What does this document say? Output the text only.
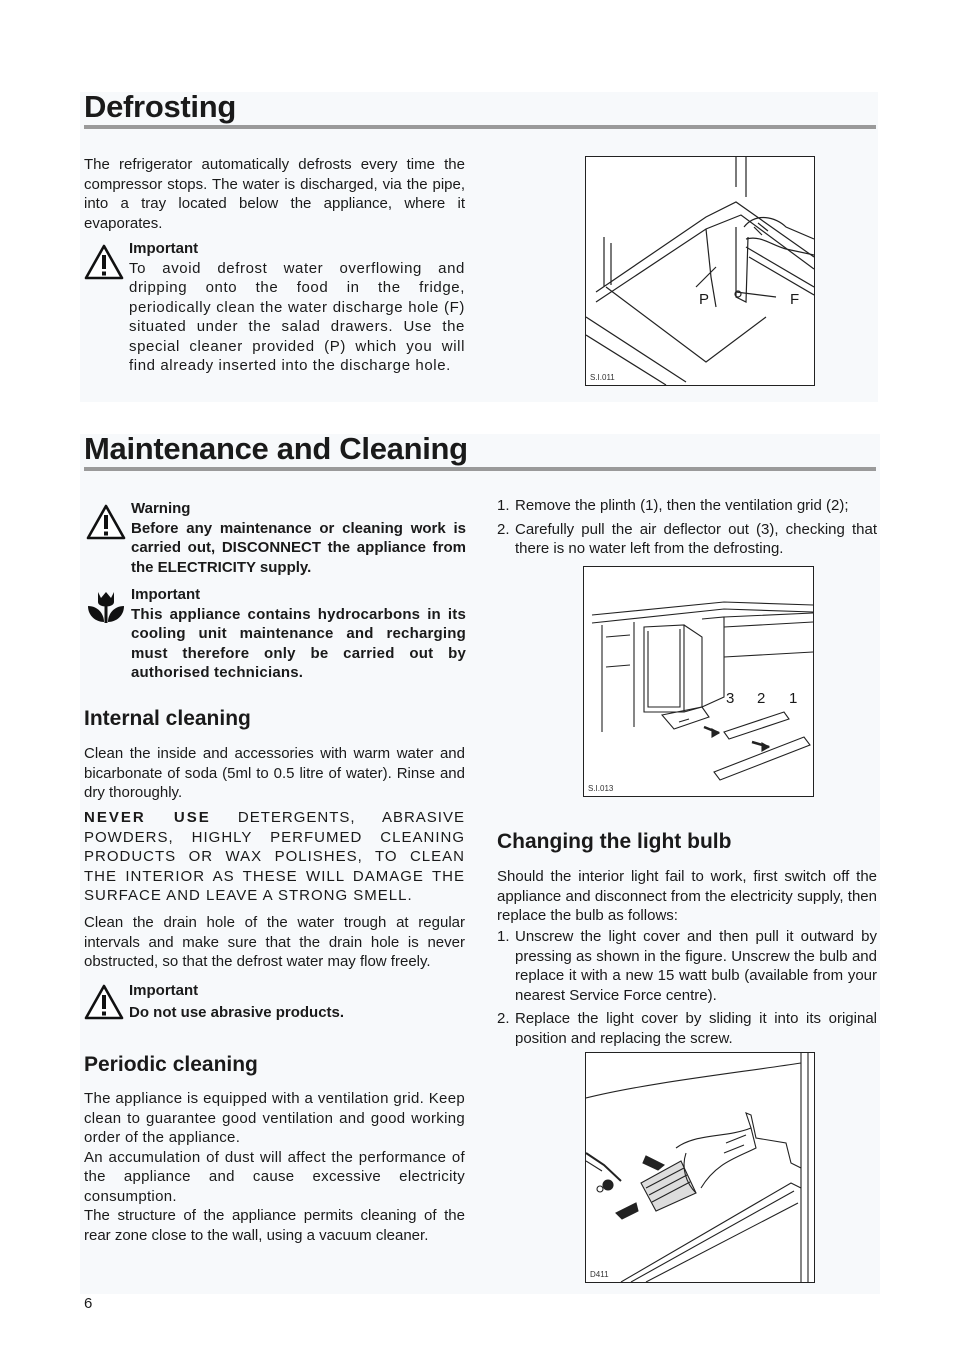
Defrosting

The refrigerator automatically defrosts every time the compressor stops. The water is discharged, via the pipe, into a tray located below the appliance, where it evaporates.

Important
To avoid defrost water overflowing and dripping onto the food in the fridge, periodically clean the water discharge hole (F) situated under the salad drawers. Use the special cleaner provided (P) which you will find already inserted into the discharge hole.
P	F
S.I.011
Maintenance and Cleaning
Warning
Before any maintenance or cleaning work is carried out, DISCONNECT the appliance from the ELECTRICITY supply.
Important
This appliance contains hydrocarbons in its cooling unit maintenance and recharging must therefore only be carried out by authorised technicians.
Internal cleaning

Clean the inside and accessories with warm water and bicarbonate of soda (5ml to 0.5 litre of water). Rinse and dry thoroughly.

NEVER USE DETERGENTS, ABRASIVE POWDERS, HIGHLY PERFUMED CLEANING PRODUCTS OR WAX POLISHES, TO CLEAN THE INTERIOR AS THESE WILL DAMAGE THE SURFACE AND LEAVE A STRONG SMELL.

Clean the drain hole of the water trough at regular intervals and make sure that the drain hole is never obstructed, so that the defrost water may flow freely.

Important
Do not use abrasive products.
Periodic cleaning

The appliance is equipped with a ventilation grid. Keep clean to guarantee good ventilation and good working order of the appliance.

An accumulation of dust will affect the performance of the appliance and cause excessive electricity consumption.

The structure of the appliance permits cleaning of the rear zone close to the wall, using a vacuum cleaner.

1. Remove the plinth (1), then the ventilation grid (2);
2. Carefully pull the air deflector out (3), checking that there is no water left from the defrosting.
3 2 1
S.I.013
Changing the light bulb

Should the interior light fail to work, first switch off the appliance and disconnect from the electricity supply, then replace the bulb as follows:

1. Unscrew the light cover and then pull it outward by pressing as shown in the figure. Unscrew the bulb and replace it with a new 15 watt bulb (available from your nearest Service Force centre).
2. Replace the light cover by sliding it into its original position and replacing the screw.
D411
6
